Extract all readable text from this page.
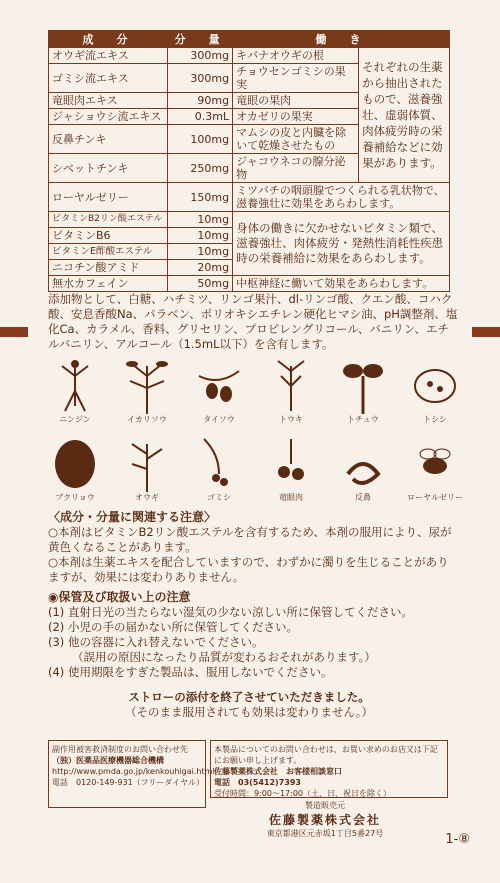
成　分	分　量	働　き	
オウギ流エキス	300mg	キバナオウギの根	それぞれの生薬から抽出されたもので、滋養強壮、虚弱体質、肉体疲労時の栄養補給などに効果があります。
ゴミシ流エキス	300mg	チョウセンゴミシの果実	
竜眼肉エキス	90mg	竜眼の果肉	
ジャショウシ流エキス	0.3mL	オカゼリの果実	
反鼻チンキ	100mg	マムシの皮と内臓を除いて乾燥させたもの	
シベットチンキ	250mg	ジャコウネコの腺分泌物	
ローヤルゼリー	150mg	ミツバチの咽頭腺でつくられる乳状物で、滋養強壮に効果をあらわします。	
ビタミンB2リン酸エステル	10mg	身体の働きに欠かせないビタミン類で、滋養強壮、肉体疲労・発熱性消耗性疾患時の栄養補給に効果をあらわします。	
ビタミンB6	10mg		
ビタミンE酢酸エステル	10mg		
ニコチン酸アミド	20mg		
無水カフェイン	50mg	中枢神経に働いて効果をあらわします。	
添加物として、白糖、ハチミツ、リンゴ果汁、dl-リンゴ酸、クエン酸、コハク酸、安息香酸Na、パラベン、ポリオキシエチレン硬化ヒマシ油、pH調整剤、塩化Ca、カラメル、香料、グリセリン、プロピレングリコール、バニリン、エチルバニリン、アルコール（1.5mL以下）を含有します。
ニンジン	イカリソウ	タイソウ	トウキ	トチュウ	トシシ
ブクリョウ	オウギ	ゴミシ	竜眼肉	反鼻	ローヤルゼリー
〈成分・分量に関連する注意〉
○本剤はビタミンB2リン酸エステルを含有するため、本剤の服用により、尿が黄色くなることがあります。
○本剤は生薬エキスを配合していますので、わずかに濁りを生じることがありますが、効果には変わりありません。
◉保管及び取扱い上の注意
(1) 直射日光の当たらない湿気の少ない涼しい所に保管してください。
(2) 小児の手の届かない所に保管してください。
(3) 他の容器に入れ替えないでください。
（誤用の原因になったり品質が変わるおそれがあります。）
(4) 使用期限をすぎた製品は、服用しないでください。
ストローの添付を終了させていただきました。
（そのまま服用されても効果は変わりません。）
副作用被害救済制度のお問い合わせ先
（独）医薬品医療機器総合機構
http://www.pmda.go.jp/kenkouhigai.html
電話　0120-149-931（フリーダイヤル）
本製品についてのお問い合わせは、お買い求めのお店又は下記にお願い申し上げます。
佐藤製薬株式会社　お客様相談窓口
電話　03(5412)7393
受付時間：9:00～17:00（土、日、祝日を除く）
製造販売元
佐藤製薬株式会社
東京都港区元赤坂1丁目5番27号	1-⑧
